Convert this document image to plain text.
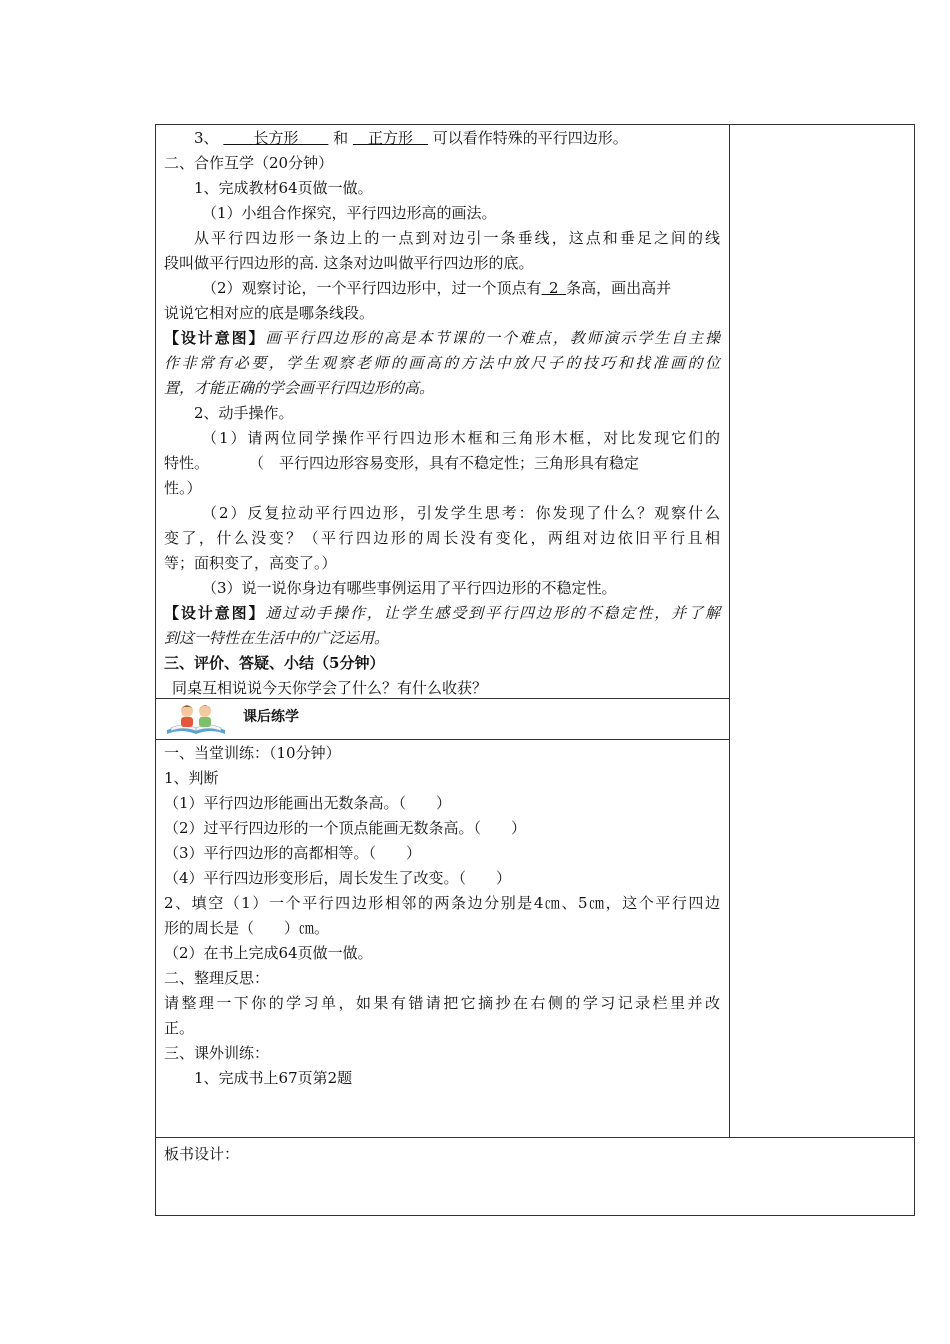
3、 　　 长方形　　 和 　 正方形　 可以看作特殊的平行四边形。
二、合作互学（20分钟）
1、完成教材64页做一做。
（1）小组合作探究，平行四边形高的画法。
从平行四边形一条边上的一点到对边引一条垂线，这点和垂足之间的线
段叫做平行四边形的高. 这条对边叫做平行四边形的底。
（2）观察讨论，一个平行四边形中，过一个顶点有  2  条高，画出高并
说说它相对应的底是哪条线段。
【设计意图】画平行四边形的高是本节课的一个难点，教师演示学生自主操
作非常有必要，学生观察老师的画高的方法中放尺子的技巧和找准画的位
置，才能正确的学会画平行四边形的高。
2、动手操作。
（1）请两位同学操作平行四边形木框和三角形木框，对比发现它们的
特性。	（　平行四边形容易变形，具有不稳定性；三角形具有稳定
性。）
（2）反复拉动平行四边形，引发学生思考：你发现了什么？观察什么
变了，什么没变？（平行四边形的周长没有变化，两组对边依旧平行且相
等；面积变了，高变了。）
（3）说一说你身边有哪些事例运用了平行四边形的不稳定性。
【设计意图】通过动手操作，让学生感受到平行四边形的不稳定性，并了解
到这一特性在生活中的广泛运用。
三、评价、答疑、小结（5分钟）
同桌互相说说今天你学会了什么？有什么收获？
课后练学
一、当堂训练：（10分钟）
1、判断
（1）平行四边形能画出无数条高。（　　）
（2）过平行四边形的一个顶点能画无数条高。（　　）
（3）平行四边形的高都相等。（　　）
（4）平行四边形变形后，周长发生了改变。（　　）
2、填空（1）一个平行四边形相邻的两条边分别是4㎝、5㎝，这个平行四边
形的周长是（　　）㎝。
（2）在书上完成64页做一做。
二、整理反思：
请整理一下你的学习单，如果有错请把它摘抄在右侧的学习记录栏里并改
正。
三、课外训练：
1、完成书上67页第2题
板书设计：
